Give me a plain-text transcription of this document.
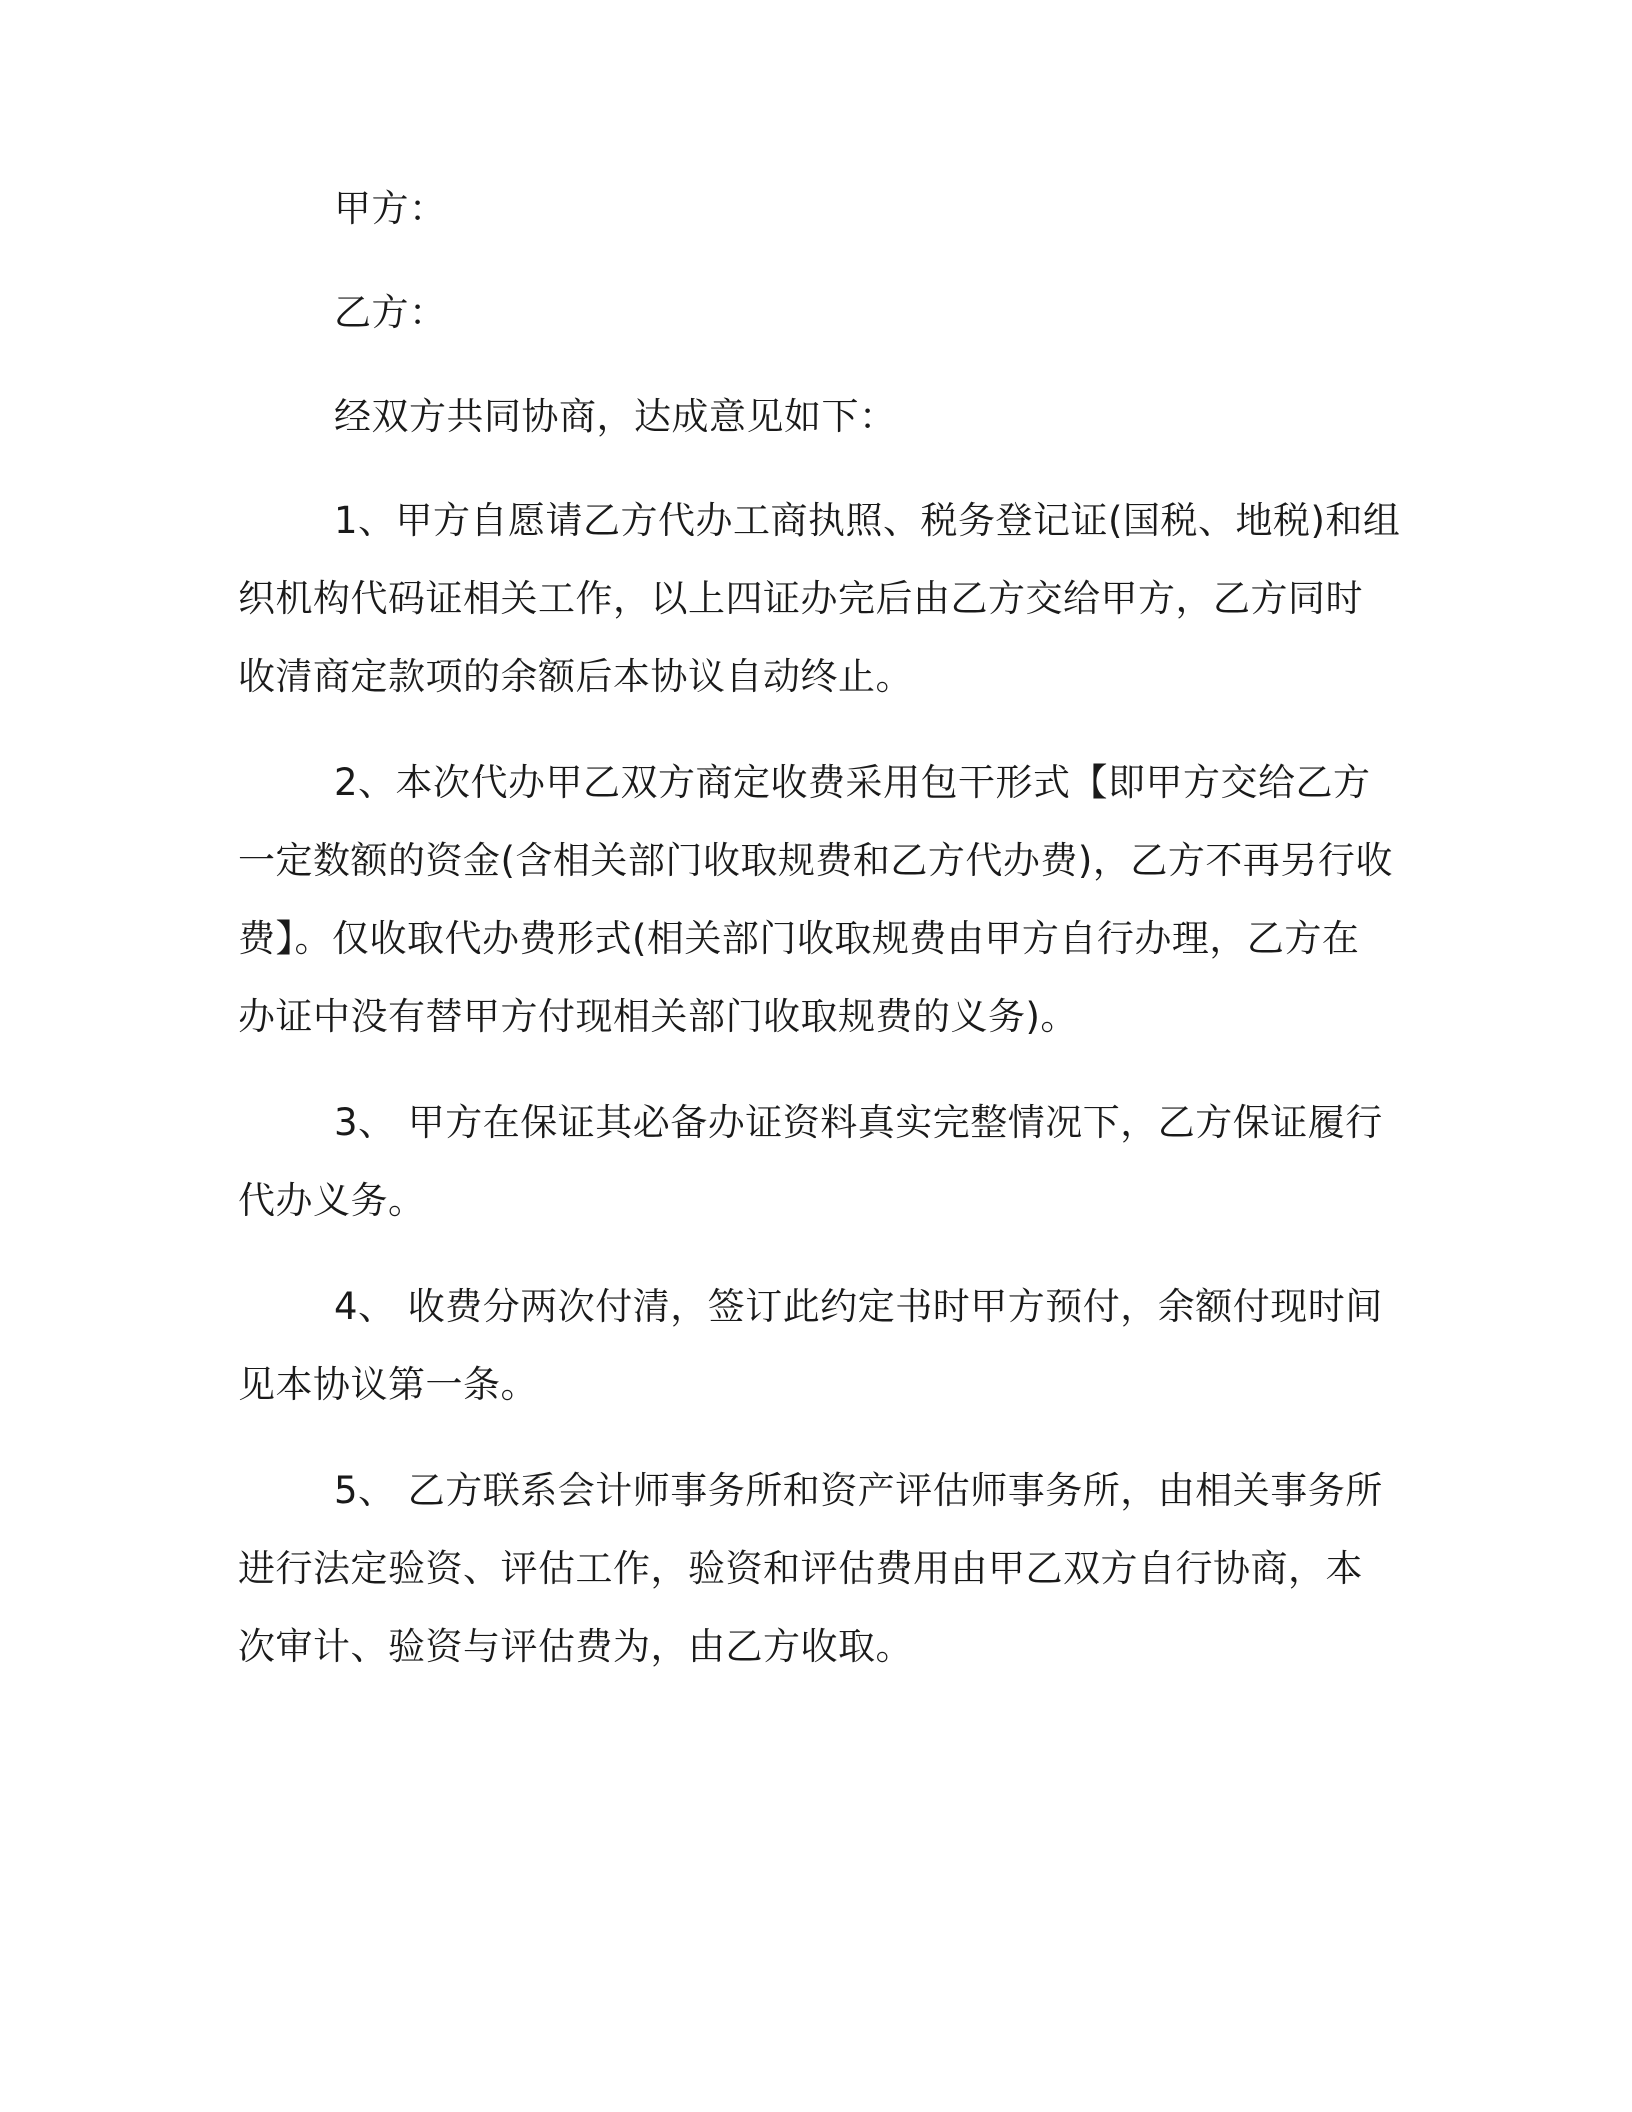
甲方：
乙方：
经双方共同协商，达成意见如下：
1、甲方自愿请乙方代办工商执照、税务登记证(国税、地税)和组
织机构代码证相关工作，以上四证办完后由乙方交给甲方，乙方同时
收清商定款项的余额后本协议自动终止。
2、本次代办甲乙双方商定收费采用包干形式【即甲方交给乙方
一定数额的资金(含相关部门收取规费和乙方代办费)，乙方不再另行收
费】。仅收取代办费形式(相关部门收取规费由甲方自行办理，乙方在
办证中没有替甲方付现相关部门收取规费的义务)。
3、 甲方在保证其必备办证资料真实完整情况下，乙方保证履行
代办义务。
4、 收费分两次付清，签订此约定书时甲方预付，余额付现时间
见本协议第一条。
5、 乙方联系会计师事务所和资产评估师事务所，由相关事务所
进行法定验资、评估工作，验资和评估费用由甲乙双方自行协商，本
次审计、验资与评估费为，由乙方收取。
